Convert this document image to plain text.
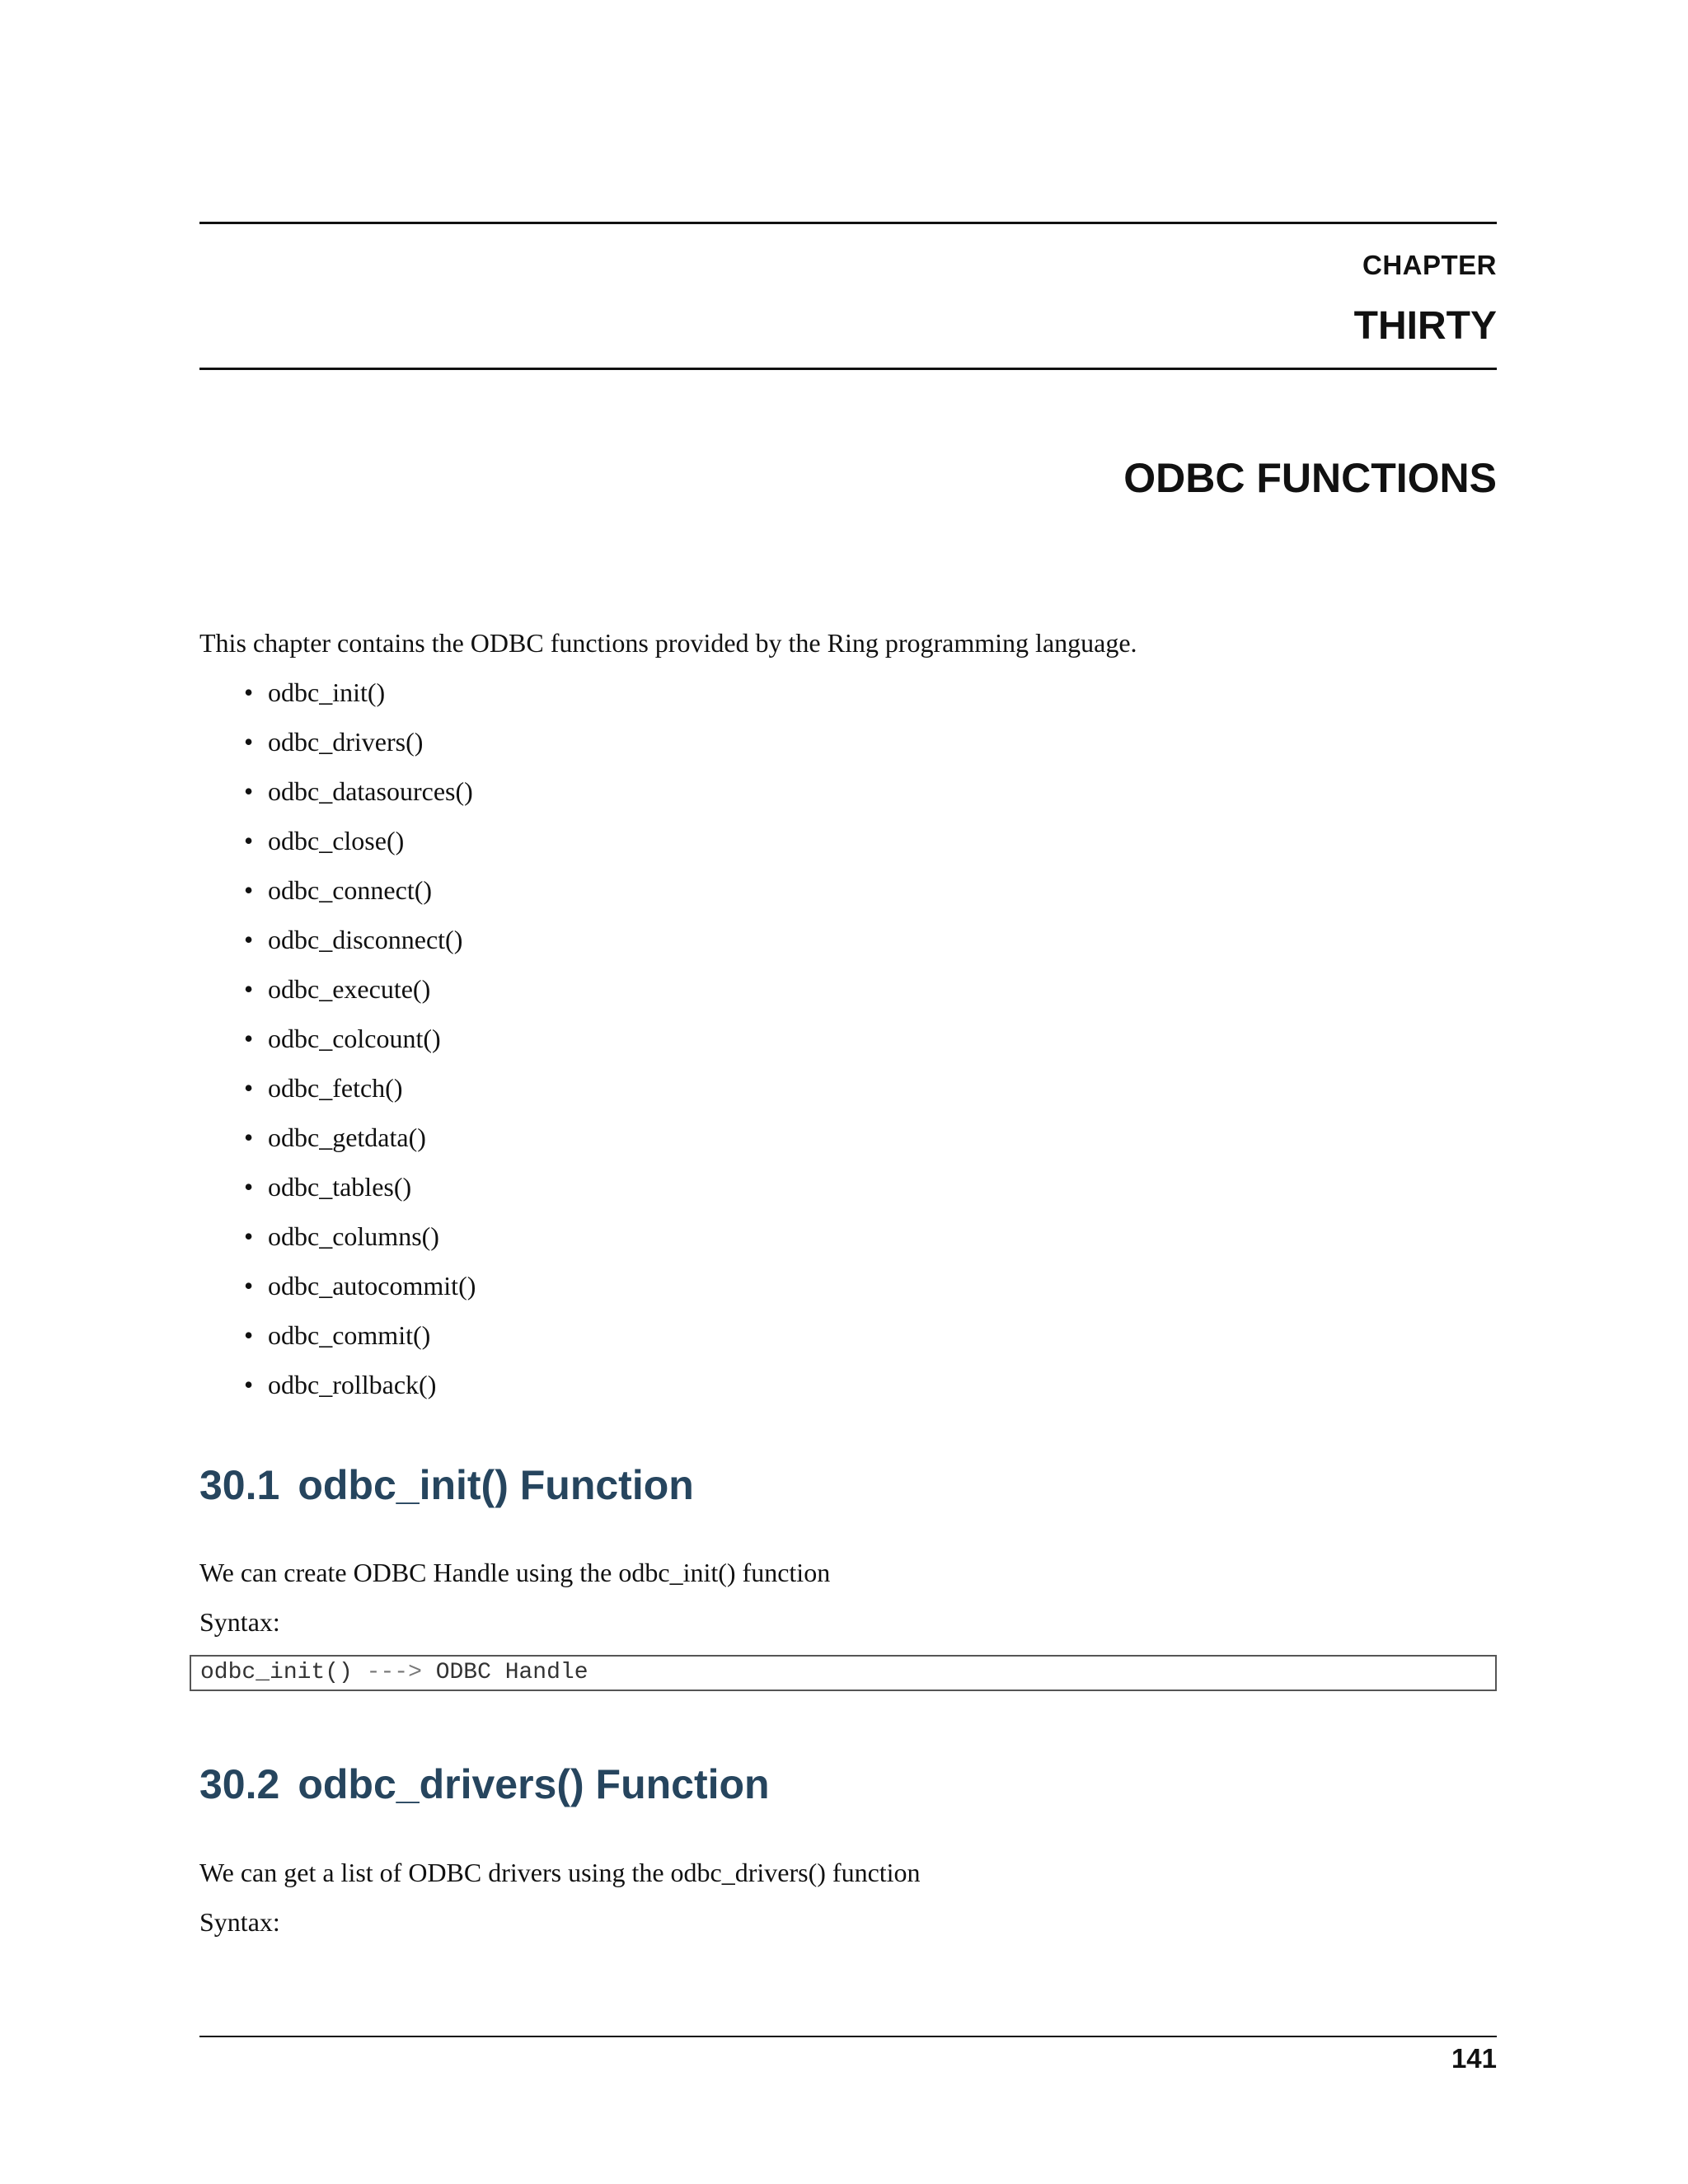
CHAPTER
THIRTY
ODBC FUNCTIONS

This chapter contains the ODBC functions provided by the Ring programming language.

• odbc_init()
• odbc_drivers()
• odbc_datasources()
• odbc_close()
• odbc_connect()
• odbc_disconnect()
• odbc_execute()
• odbc_colcount()
• odbc_fetch()
• odbc_getdata()
• odbc_tables()
• odbc_columns()
• odbc_autocommit()
• odbc_commit()
• odbc_rollback()
30.1 odbc_init() Function

We can create ODBC Handle using the odbc_init() function

Syntax:

odbc_init() ---> ODBC Handle
30.2 odbc_drivers() Function

We can get a list of ODBC drivers using the odbc_drivers() function

Syntax:

141
